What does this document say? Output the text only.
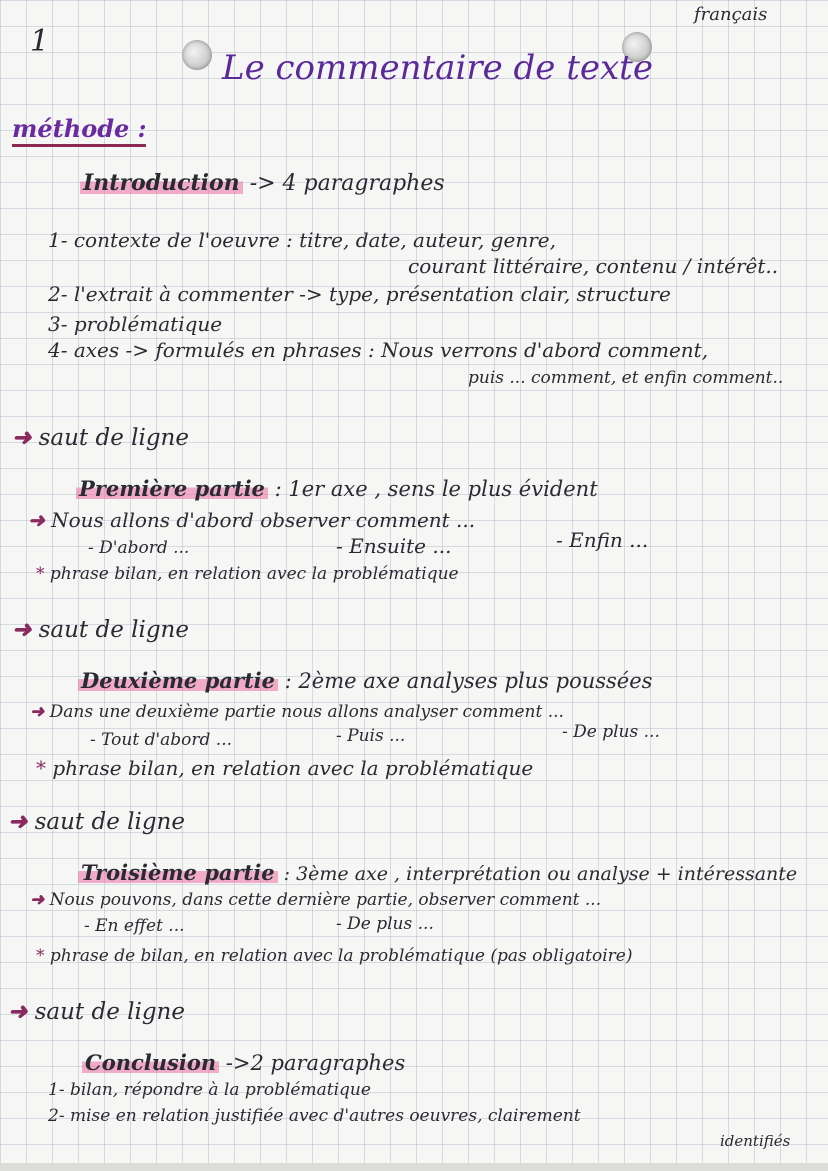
1
français
Le commentaire de texte
méthode :
Introduction -> 4 paragraphes
1- contexte de l'oeuvre : titre, date, auteur, genre,
courant littéraire, contenu / intérêt..
2- l'extrait à commenter -> type, présentation clair, structure
3- problématique
4- axes -> formulés en phrases : Nous verrons d'abord comment,
puis ... comment, et enfin comment..
➜ saut de ligne
Première partie : 1er axe , sens le plus évident
➜ Nous allons d'abord observer comment ...
- D'abord ...	- Ensuite ...	- Enfin ...
* phrase bilan, en relation avec la problématique
➜ saut de ligne
Deuxième partie : 2ème axe analyses plus poussées
➜ Dans une deuxième partie nous allons analyser comment ...
- Tout d'abord ...	- Puis ...	- De plus ...
* phrase bilan, en relation avec la problématique
➜ saut de ligne
Troisième partie : 3ème axe , interprétation ou analyse + intéressante
➜ Nous pouvons, dans cette dernière partie, observer comment ...
- En effet ...	- De plus ...
* phrase de bilan, en relation avec la problématique (pas obligatoire)
➜ saut de ligne
Conclusion ->2 paragraphes
1- bilan, répondre à la problématique
2- mise en relation justifiée avec d'autres oeuvres, clairement
identifiés
